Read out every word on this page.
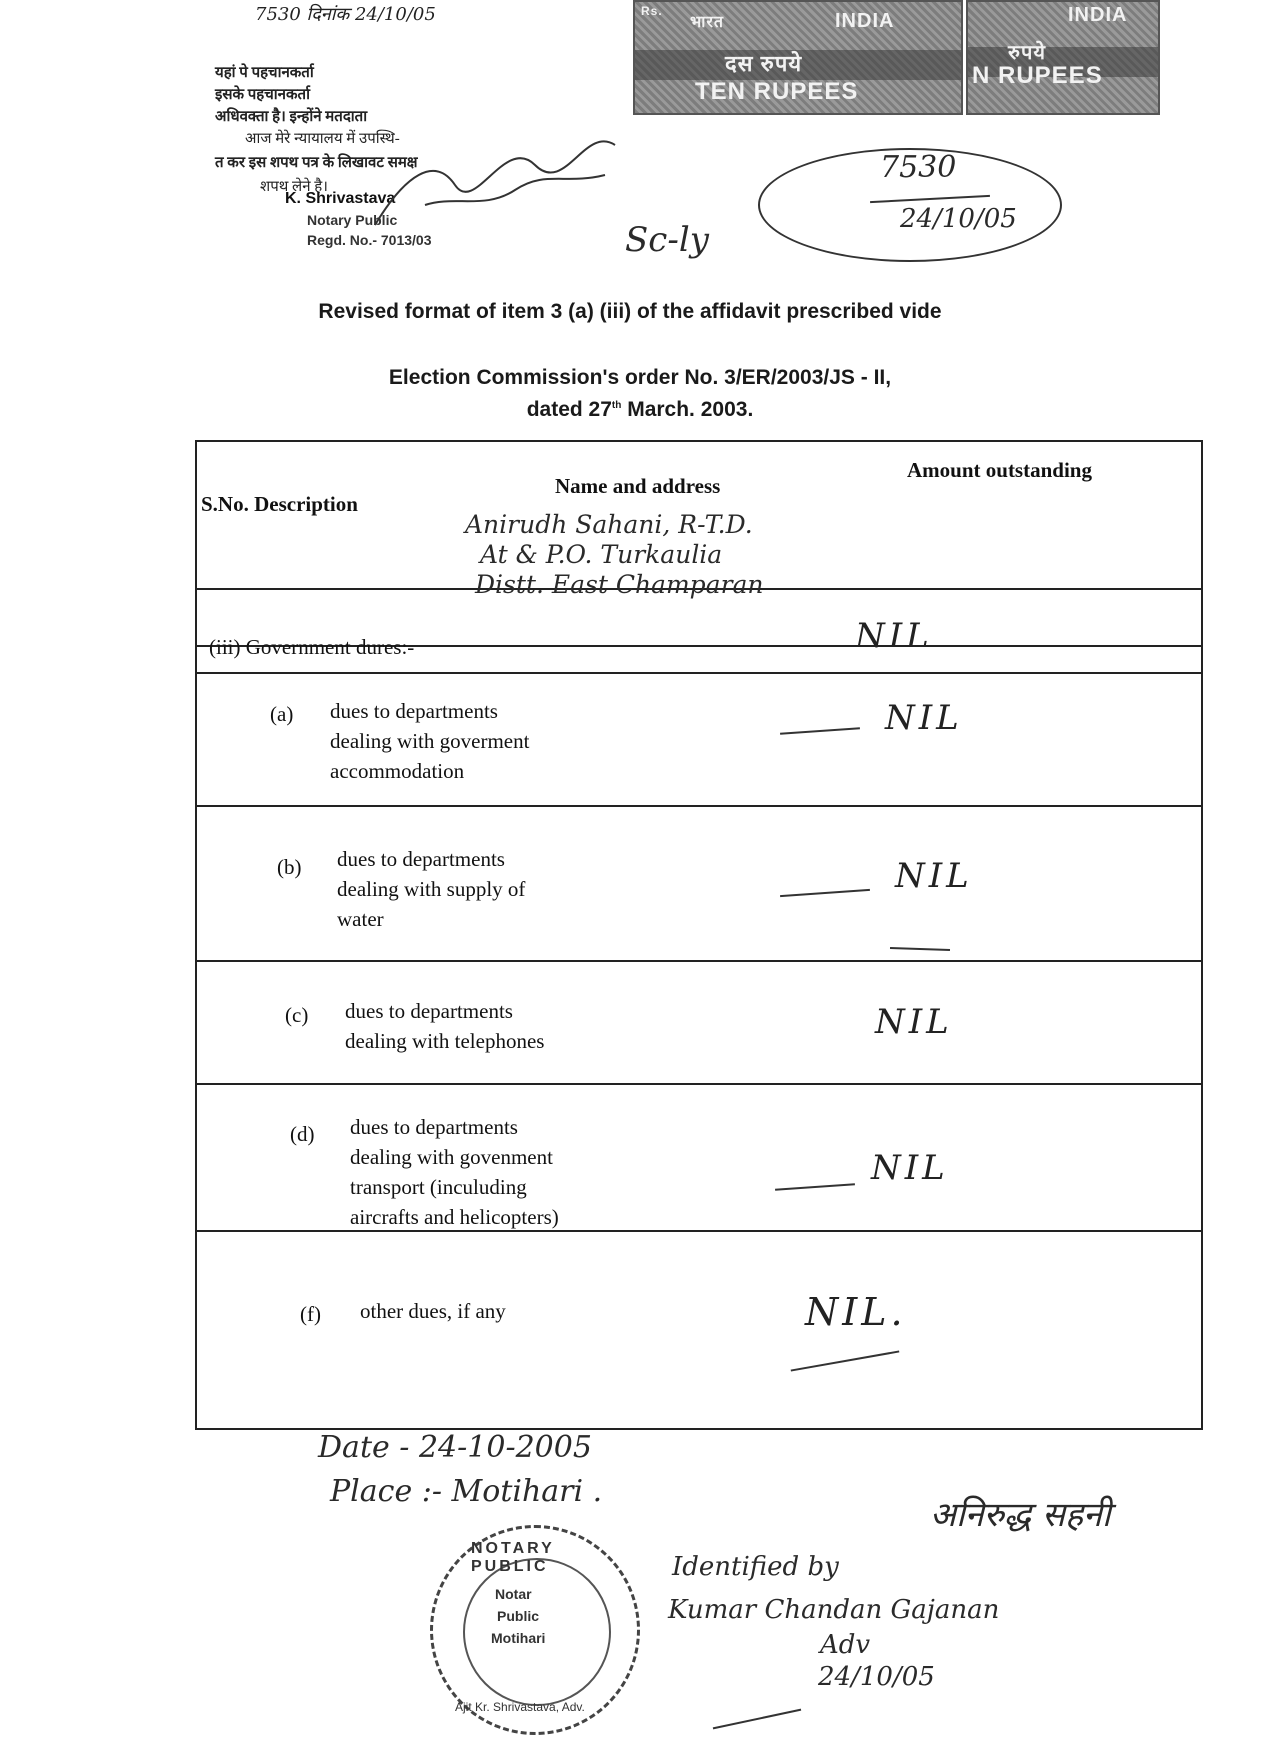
7530 दिनांक 24/10/05
यहां पे पहचानकर्ता
इसके पहचानकर्ता
अधिवक्ता है। इन्होंने मतदाता
आज मेरे न्यायालय में उपस्थि-
त कर इस शपथ पत्र के लिखावट समक्ष
शपथ लेने है।
K. Shrivastava
Notary Public
Regd. No.- 7013/03
Rs.
भारत	INDIA
दस रुपये
TEN RUPEES
INDIA
रुपये
N RUPEES
7530
24/10/05
Sc-ly
Revised format of item 3 (a) (iii) of the affidavit prescribed vide
Election Commission's order No. 3/ER/2003/JS - II,
dated 27th March. 2003.
S.No. Description
Name and address
Amount outstanding
Anirudh Sahani, R-T.D.
At & P.O. Turkaulia
Distt. East Champaran
(iii) Government dures:-	NIL
(a) dues to departments
dealing with goverment
accommodation
NIL
(b) dues to departments
dealing with supply of
water
NIL
(c) dues to departments
dealing with telephones	NIL
(d) dues to departments
dealing with govenment
transport (inculuding
aircrafts and helicopters)
NIL
(f) other dues, if any	NIL.
Date - 24-10-2005
Place :- Motihari .
अनिरुद्ध सहनी
Identified by
Kumar Chandan Gajanan
Adv
24/10/05
NOTARY PUBLIC
Notar
Public
Motihari
Ajit Kr. Shrivastava, Adv.
